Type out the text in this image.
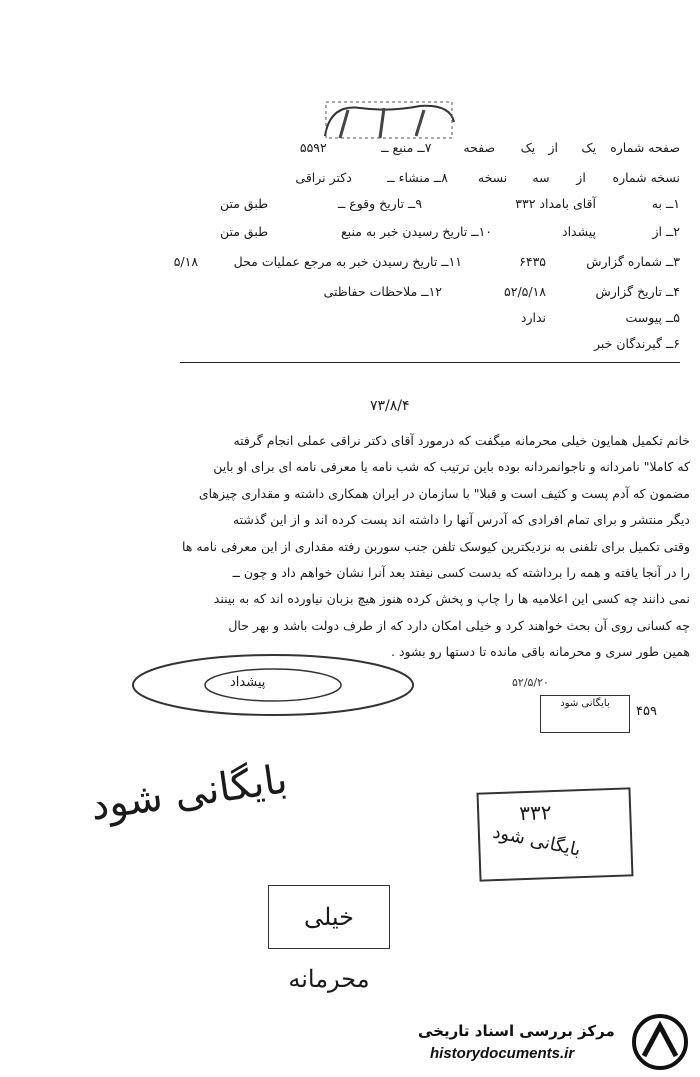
صفحه شماره یک از یک صفحه ۷ــ منبع ــ ۵۵۹۲
نسخه شماره از سه نسخه ۸ــ منشاء ــ دکتر نراقی
۱ــ به آقای بامداد ۳۳۲ ۹ــ تاریخ وقوع ــ طبق متن
۲ــ از پیشداد ۱۰ــ تاریخ رسیدن خبر به منبع طبق متن
۳ــ شماره گزارش ۶۴۳۵ ۱۱ــ تاریخ رسیدن خبر به مرجع عملیات محل ۵/۱۸
۴ــ تاریخ گزارش ۵۲/۵/۱۸ ۱۲ــ ملاحظات حفاظتی
۵ــ پیوست ندارد
۶ــ گیرندگان خبر
۷۳/۸/۴

خانم تکمیل همایون خیلی محرمانه میگفت که درمورد آقای دکتر نراقی عملی انجام گرفته

که کاملا" نامردانه و ناجوانمردانه بوده باین ترتیب که شب نامه یا معرفی نامه ای برای او باین

مضمون که آدم پست و کثیف است و قبلا" با سازمان در ایران همکاری داشته و مقداری چیزهای

دیگر منتشر و برای تمام افرادی که آدرس آنها را داشته اند پست کرده اند و از این گذشته

وقتی تکمیل برای تلفنی به نزدیکترین کیوسک تلفن جنب سوربن رفته مقداری از این معرفی نامه ها

را در آنجا یافته و همه را برداشته که بدست کسی نیفتد بعد آنرا نشان خواهم داد و چون ــ

نمی دانند چه کسی این اعلامیه ها را چاپ و پخش کرده هنوز هیچ بزبان نیاورده اند که به بینند

چه کسانی روی آن بحث خواهند کرد و خیلی امکان دارد که از طرف دولت باشد و بهر حال

همین طور سری و محرمانه باقی مانده تا دستها رو بشود .

پیشداد	۵۲/۵/۲۰
بایگانی شود
۴۵۹
بایگانی شود	۳۳۲
بایگانی شود
خیلی محرمانه
مرکز بررسی اسناد تاریخی
historydocuments.ir
